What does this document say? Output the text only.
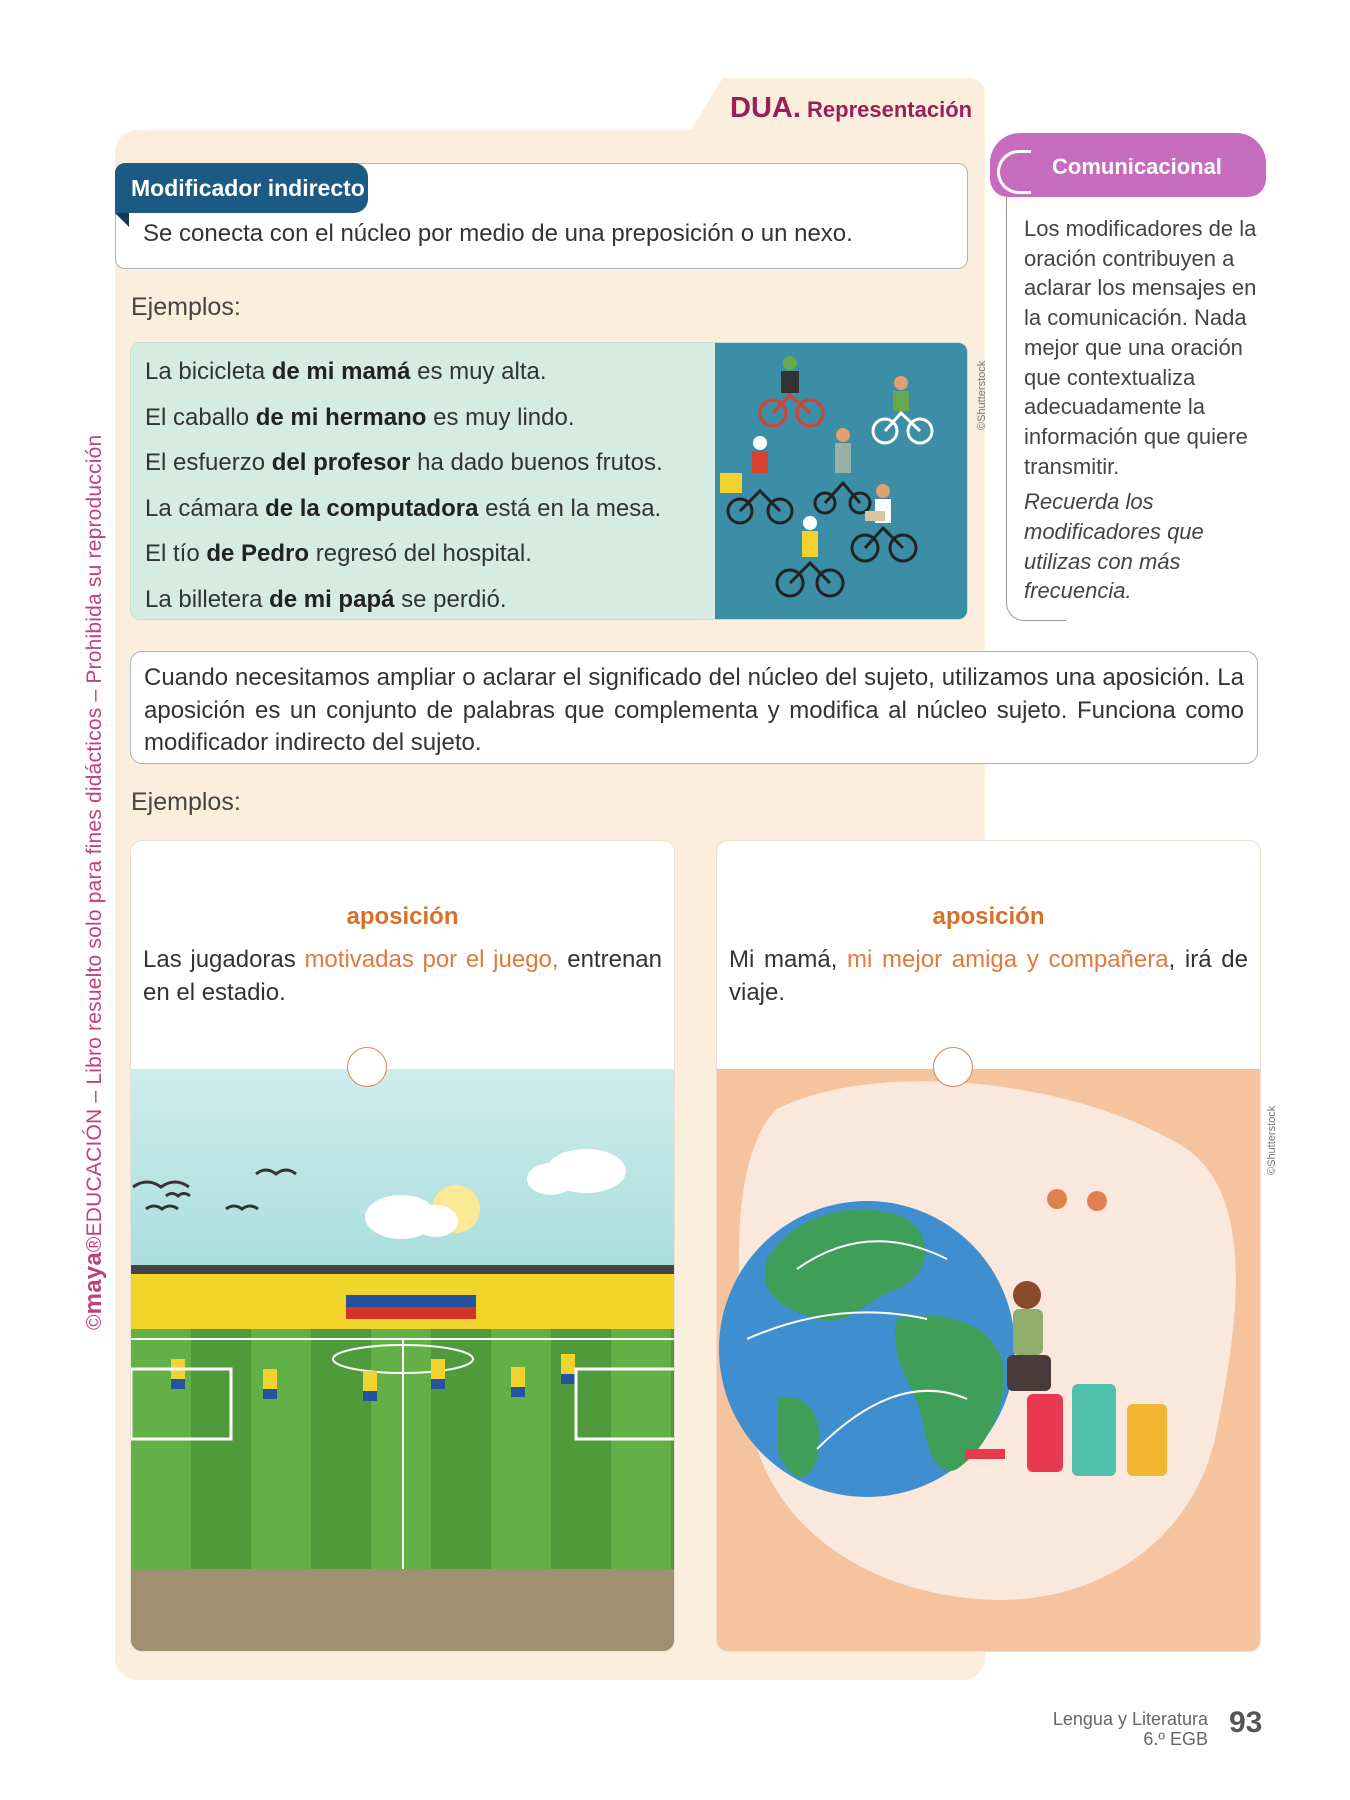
©maya®EDUCACIÓN – Libro resuelto solo para fines didácticos – Prohibida su reproducción
DUA. Representación
Modificador indirecto
Se conecta con el núcleo por medio de una preposición o un nexo.
Ejemplos:
La bicicleta de mi mamá es muy alta.
El caballo de mi hermano es muy lindo.
El esfuerzo del profesor ha dado buenos frutos.
La cámara de la computadora está en la mesa.
El tío de Pedro regresó del hospital.
La billetera de mi papá se perdió.
©Shutterstock
Comunicacional

Los modificadores de la oración contribuyen a aclarar los mensajes en la comunicación. Nada mejor que una oración que contextualiza adecuadamente la información que quiere transmitir.

Recuerda los modificadores que utilizas con más frecuencia.

Cuando necesitamos ampliar o aclarar el significado del núcleo del sujeto, utilizamos una aposición. La aposición es un conjunto de palabras que complementa y modifica al núcleo sujeto. Funciona como modificador indirecto del sujeto.
Ejemplos:
aposición
Las jugadoras motivadas por el juego, entrenan en el estadio.
aposición
Mi mamá, mi mejor amiga y compañera, irá de viaje.
©Shutterstock
Lengua y Literatura
6.º EGB 93
